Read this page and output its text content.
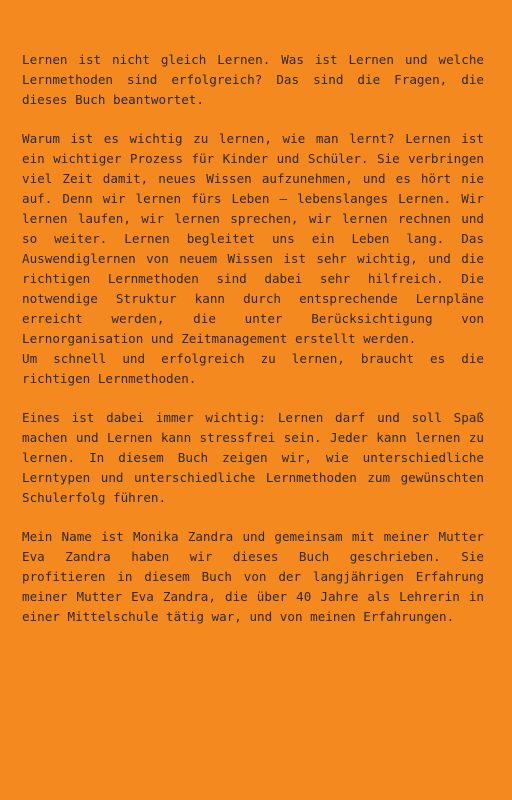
Lernen ist nicht gleich Lernen. Was ist Lernen und welche Lernmethoden sind erfolgreich? Das sind die Fragen, die dieses Buch beantwortet.

Warum ist es wichtig zu lernen, wie man lernt? Lernen ist ein wichtiger Prozess für Kinder und Schüler. Sie verbringen viel Zeit damit, neues Wissen aufzunehmen, und es hört nie auf. Denn wir lernen fürs Leben – lebenslanges Lernen. Wir lernen laufen, wir lernen sprechen, wir lernen rechnen und so weiter. Lernen begleitet uns ein Leben lang. Das Auswendiglernen von neuem Wissen ist sehr wichtig, und die richtigen Lernmethoden sind dabei sehr hilfreich. Die notwendige Struktur kann durch entsprechende Lernpläne erreicht werden, die unter Berücksichtigung von Lernorganisation und Zeitmanagement erstellt werden.

Um schnell und erfolgreich zu lernen, braucht es die richtigen Lernmethoden.

Eines ist dabei immer wichtig: Lernen darf und soll Spaß machen und Lernen kann stressfrei sein. Jeder kann lernen zu lernen. In diesem Buch zeigen wir, wie unterschiedliche Lerntypen und unterschiedliche Lernmethoden zum gewünschten Schulerfolg führen.

Mein Name ist Monika Zandra und gemeinsam mit meiner Mutter Eva Zandra haben wir dieses Buch geschrieben. Sie profitieren in diesem Buch von der langjährigen Erfahrung meiner Mutter Eva Zandra, die über 40 Jahre als Lehrerin in einer Mittelschule tätig war, und von meinen Erfahrungen.
